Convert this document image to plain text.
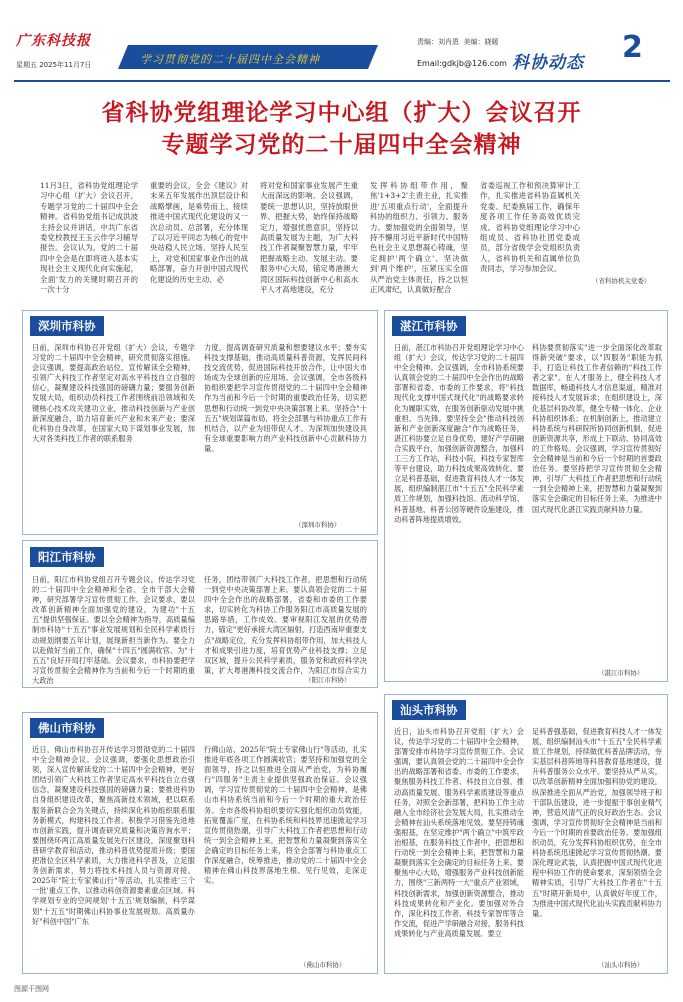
广东科技报
星期五 2025年11月7日	学习贯彻党的二十届四中全会精神
责编：刘肖恩 美编：晓暖
Email:gdkjb@126.com 科协动态 2
省科协党组理论学习中心组（扩大）会议召开
专题学习党的二十届四中全会精神
11月3日，省科协党组理论学习中心组（扩大）会议召开，专题学习党的二十届四中全会精神。省科协党组书记成洪波主持会议并讲话，中共广东省委党校教授王玉云作学习辅导报告。会议认为，党的二十届四中全会是在即将进入基本实现社会主义现代化向实施起，全面'发力的关键时期召开的一次十分
重要的会议，全会《建议》对未来五年发展作出顶层设计和战略擘画，是乘势而上、接续推进中国式现代化建设的又一次总动员、总部署，充分体现了以习近平同志为核心的党中央站稳人民立场、坚持人民至上，对党和国家事业作出的战略部署，奋力开创中国式现代化建设的历史主动、必
将对党和国家事业发展产生重大而深远的影响。会议强调，要统一思想认识，坚持放眼世界、把握大势，始终保持战略定力，增强忧患意识，坚持以高质量发展为主题，为广大科技工作者凝聚智慧力量，牢牢把握战略主动、发展主动。要服务中心大局，锚定粤港澳大湾区国际科技创新中心和高水平人才高地建设，充分
发挥科协组带作用，聚焦'1+3+2'主责主业，扎实推进'五项重点行动'，全面提升科协的组织力、引领力、服务力。要加强党的全面领导，坚持不懈用习近平新时代中国特色社会主义思想凝心铸魂，坚定拥护'两个确立'、坚决做到'两个维护'，压紧压实全面从严治党主体责任，持之以恒正风肃纪，认真做好配合
省委巡视工作和预决算审计工作，扎实推进省科协直属机关党委、纪委换届工作，确保年度各项工作任务高效优质完成。省科协党组理论学习中心组成员、省科协社团党委成员，部分省级学会党组织负责人，省科协机关和直属单位负责同志，学习参加会议。
（省科协机关党委）
深圳市科协
日前，深圳市科协召开党组（扩大）会议，专题学习党的二十届四中全会精神，研究贯彻落实措施。会议强调，要提高政治站位，宣传解读全会精神，引领广大科技工作者坚定对高水平科技自立自强的信心，凝聚建设科技强国的磅礴力量；要服务创新发展大局，组织动员科技工作者围绕前沿领域和关键核心技术攻关建功立业，推动科技创新与产业创新深度融合，助力培育新兴产业和未来产业；要深化科协自身改革，在国家大局下谋划事业发展，加大对各类科技工作者的联系服务
力度，提高调查研究质量和想要建议水平；要夯实科技支撑基础，推动高质量科普资源，发挥民间科技交流优势，促进国际科技开放合作，让中国大市场成为全球创新的应用场。会议强调，全市各级科协组织要把学习宣传贯彻党的二十届四中全会精神作为当前和今后一个时期的重要政治任务，切实把思想和行动统一到党中央决策部署上来。坚持合"十五五"规划谋篇布局，将全会部署与科协重点工作有机结合，以产业为纽带促人才、为深圳加快建设具有全球重要影响力的产业科技创新中心贡献科协力量。
（深圳市科协）
阳江市科协
日前，阳江市科协党组召开专题会议，传达学习党的二十届四中全会精神和全省、全市干部大会精神，研究部署学习宣传贯彻工作。会议要求，要以改革创新精神全面加强党的建设，为建功"十五五"提供坚强保证。要以全会精神为指导，高质量编制市科协"十五五"事业发展规划和全民科学素质行动规划纲要五年计划，展现新担当新作为。要全力以赴做好当前工作，确保"十四五"圆满收官、为"十五五"良好开局打牢基础。会议要求，市科协要把学习宣传贯彻全会精神作为当前和今后一个时期的重大政治
任务，团结带领广大科技工作者，把思想和行动统一到党中央决策部署上来。要认真领会党的二十届四中全会作出的战略部署，省委和市委的工作要求，切实转化为科协工作服务阳江市高质量发展的思路举措，工作成效。要审视阳江发展的优势潜力，锚定"更好承接大湾区辐射，打造西南岸重要支点"战略定位，充分发挥科协组带作用，加大科技人才和成果引进力度，培育优势产业科技支撑；立足双区域，提升公民科学素质，服务党和政府科学决策，扩大粤港澳科技交流合作，为阳江市综合实力
（阳江市科协）
佛山市科协
近日，佛山市科协召开传达学习贯彻党的二十届四中全会精神会议。会议强调，要强化思想政治引领，深入宣传解读党的二十届四中全会精神，更好团结引领广大科技工作者坚定高水平科技自立自强信念，凝聚建设科技强国的磅礴力量；要推进科协自身组织建设改革，聚焦高新技术领域，把以联系服务新联合会为关键点，持续深化科协组织联系服务新模式，构建科技工作者。积极学习借鉴先进地市创新实践，提升调查研究质量和决策咨询水平；要围绕环两江高质量发展先行区建设，深度聚划科普研学教育和活动，推动科普优势提质升级；要国把准位全区科学素质，大力推进科学普及，立足服务创新需求，努力将技术科技人员与资源对接。2025年"院士专家佛山行"等活动，扎实推进'三个一批'重点工作，以推动科创资源要素重点区域、科学规划专业的空间规划'十五五'规划编制，科学谋划"十五五"时期佛山科协事业发展规划。高质量办好"科创中国"广东
行佛山站、2025年"院士专家佛山行"等活动，扎实推进年底各项工作圆满收官；要坚持和加强党的全面领导，持之以恒推进全面从严治党，为科协履行"四服务"主责主业提供坚强政治保证。会议强调，学习宣传贯彻党的二十届四中全会精神，是佛山市科协系统当前和今后一个时期的重大政治任务。全市各级科协组织要切实强化组织动员效能，拓宽覆盖广度，在科协系统和科技界迅速掀起学习宣传贯彻热潮，引导广大科技工作者把思想和行动统一到全会精神上来，把智慧和力量凝聚到落实全会确定的目标任务上来，将全会部署与科协重点工作深度融合，统筹推进，推动党的二十届四中全会精神在佛山科技界落地生根、见行见效，走深走实。
（佛山市科协）
湛江市科协
日前，湛江市科协召开党组理论学习中心组（扩大）会议，传达学习党的二十届四中全会精神。会议强调，全市科协系统要认真领会党的二十届四中全会作出的战略部署和省委、市委的工作要求，将"科技现代化支撑中国式现代化"的战略要求转化为履职实效，在服务创新驱动发展中挑重担、当先锋。要坚持全会"推动科技创新和产业创新深度融合"作为战略任务，湛江科协要立足自身优势，建好产学研融合实践平台，加强创新资源整合，加强科工三方工作站，科技小院，科技专家智库等平台建设，助力科技成果高效转化。要立足科普基础，促进教育科技人才一体发展，组织编制湛江市"十五五"全民科学素质工作规划，加强科技馆、流动科学馆、科普基地、科普公园等硬件设施建设，推动科普阵地提质增效。
科协要贯彻落实"进一步全面深化改革取得新突破"要求，以"四服务"职能为抓手，打造让科技工作者信赖的"科技工作者之家"。在人才服务上，健全科技人才数据库，畅通科技人才信息渠道，精准对接科技人才发展诉求；在组织建设上，深化基层科协改革，健全专精一体化、企业科协组织体系；在机制创新上，推动建立科协系统与科研院所协同创新机制，促进创新资源共享，形成上下联动、协同高效的工作格局。会议强调，学习宣传贯彻好全会精神是当前和今后一个时期的首要政治任务。要坚持把学习宣传贯彻全会精神，引导广大科技工作者把思想和行动统一到全会精神上来，把智慧和力量凝聚到落实全会确定的目标任务上来，为推进中国式现代化湛江实践贡献科协力量。
（湛江市科协）
汕头市科协
近日，汕头市科协召开党组（扩大）会议，传达学习党的二十届四中全会精神，部署安排市科协学习宣传贯彻工作。会议强调，要认真领会党的二十届四中全会作出的战略部署和省委、市委的工作要求，聚焦服务科技工作者、科技自立自强、推动高质量发展、服务科学素质建设等重点任务，对照全会新部署，把科协工作主动融入全市经济社会发展大局，扎实推动全会精神在汕头系统落地见效。要坚持铸魂强根基，在坚定维护"两个确立"中筑牢政治根基，在服务科技工作者中，把思想和行动统一到全会精神上来，把智慧和力量凝聚到落实全会确定的目标任务上来。要聚焦中心大局，增强服务产业科技创新能力，围绕"三新两特一大"重点产业领域，科技创新需求，加强创新资源整合，推动科技成果转化和产业化。要加强对外合作，深化科技工作者、科技专家智库等合作交流，促进产学研融合对接，服务科技成果转化与产业高质量发展。要立
足科普强基础，促进教育科技人才一体发展，组织编制汕头市"十五五"全民科学素质工作规划，持续做优科普品牌活动，夯实基层科普阵地等科普教育基地建设，提升科普服务公众水平。要坚持从严从实，以改革创新精神全面加强科协党的建设，纵深推进全面从严治党，加强领导班子和干部队伍建设，进一步提振干事创业精气神，营造风清气正的良好政治生态。会议强调，学习宣传贯彻好全会精神是当前和今后一个时期的首要政治任务。要加强组织动员，充分发挥科协组织优势，在全市科协系统迅速掀起学习宣传贯彻热潮。要深化理论武装，认真把握中国式现代化进程中科协工作的使命要求，深刻领悟全会精神实质，引导广大科技工作者在"十五五"时期开新局中，认真做好年度工作，为推进中国式现代化汕头实践贡献科协力量。
（汕头市科协）
图源千图网
